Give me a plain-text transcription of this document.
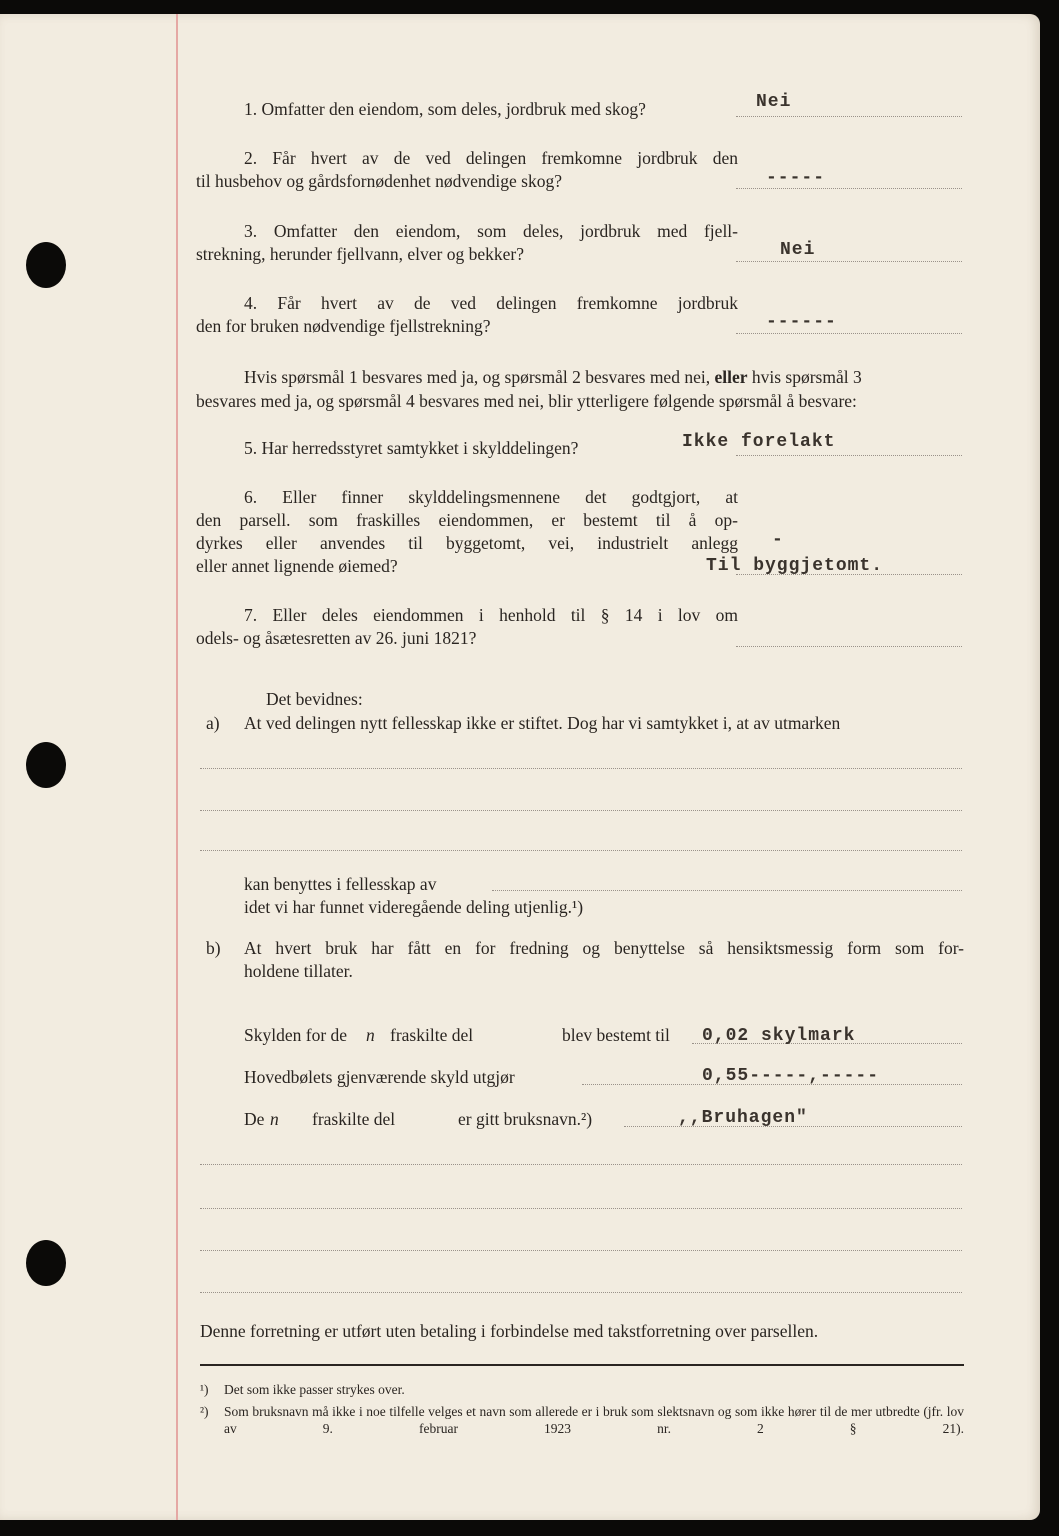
1. Omfatter den eiendom, som deles, jordbruk med skog?	Nei
2. Får hvert av de ved delingen fremkomne jordbruk den
til husbehov og gårdsfornødenhet nødvendige skog?	-----
3. Omfatter den eiendom, som deles, jordbruk med fjell-
strekning, herunder fjellvann, elver og bekker?	Nei
4. Får hvert av de ved delingen fremkomne jordbruk
den for bruken nødvendige fjellstrekning?	------
Hvis spørsmål 1 besvares med ja, og spørsmål 2 besvares med nei, eller hvis spørsmål 3
besvares med ja, og spørsmål 4 besvares med nei, blir ytterligere følgende spørsmål å besvare:
5. Har herredsstyret samtykket i skylddelingen?	Ikke forelakt
6. Eller finner skylddelingsmennene det godtgjort, at
den parsell. som fraskilles eiendommen, er bestemt til å op-
dyrkes eller anvendes til byggetomt, vei, industrielt anlegg
eller annet lignende øiemed?
-
Til byggjetomt.
7. Eller deles eiendommen i henhold til § 14 i lov om
odels- og åsætesretten av 26. juni 1821?
Det bevidnes:
a) At ved delingen nytt fellesskap ikke er stiftet. Dog har vi samtykket i, at av utmarken
kan benyttes i fellesskap av
idet vi har funnet videregående deling utjenlig.¹)
b) At hvert bruk har fått en for fredning og benyttelse så hensiktsmessig form som for-
holdene tillater.
Skylden for de n fraskilte del	blev bestemt til 0,02 skylmark
Hovedbølets gjenværende skyld utgjør	0,55-----,-----
De n fraskilte del	er gitt bruksnavn.²)	,,Bruhagen"
Denne forretning er utført uten betaling i forbindelse med takstforretning over parsellen.
¹) Det som ikke passer strykes over.
²) Som bruksnavn må ikke i noe tilfelle velges et navn som allerede er i bruk som slektsnavn og som ikke hører til de mer utbredte (jfr. lov av 9. februar 1923 nr. 2 § 21).
